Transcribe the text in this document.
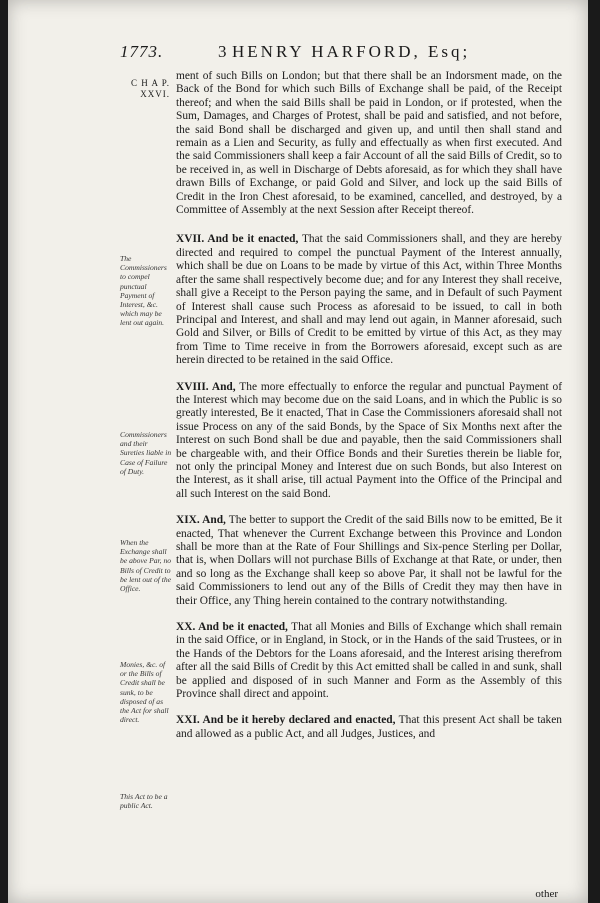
1773.	3 HENRY HARFORD, Esq;
C H A P.
XXVI.
The Commissioners to compel punctual Payment of Interest, &c. which may be lent out again.
Commissioners and their Sureties liable in Case of Failure of Duty.
When the Exchange shall be above Par, no Bills of Credit to be lent out of the Office.
Monies, &c. of or the Bills of Credit shall be sunk, to be disposed of as the Act for shall direct.
This Act to be a public Act.

ment of such Bills on London; but that there shall be an Indorsment made, on the Back of the Bond for which such Bills of Exchange shall be paid, of the Receipt thereof; and when the said Bills shall be paid in London, or if protested, when the Sum, Damages, and Charges of Protest, shall be paid and satisfied, and not before, the said Bond shall be discharged and given up, and until then shall stand and remain as a Lien and Security, as fully and effectually as when first executed. And the said Commissioners shall keep a fair Account of all the said Bills of Credit, so to be received in, as well in Discharge of Debts aforesaid, as for which they shall have drawn Bills of Exchange, or paid Gold and Silver, and lock up the said Bills of Credit in the Iron Chest aforesaid, to be examined, cancelled, and destroyed, by a Committee of Assembly at the next Session after Receipt thereof.

XVII. And be it enacted, That the said Commissioners shall, and they are hereby directed and required to compel the punctual Payment of the Interest annually, which shall be due on Loans to be made by virtue of this Act, within Three Months after the same shall respectively become due; and for any Interest they shall receive, shall give a Receipt to the Person paying the same, and in Default of such Payment of Interest shall cause such Process as aforesaid to be issued, to call in both Principal and Interest, and shall and may lend out again, in Manner aforesaid, such Gold and Silver, or Bills of Credit to be emitted by virtue of this Act, as they may from Time to Time receive in from the Borrowers aforesaid, except such as are herein directed to be retained in the said Office.

XVIII. And, The more effectually to enforce the regular and punctual Payment of the Interest which may become due on the said Loans, and in which the Public is so greatly interested, Be it enacted, That in Case the Commissioners aforesaid shall not issue Process on any of the said Bonds, by the Space of Six Months next after the Interest on such Bond shall be due and payable, then the said Commissioners shall be chargeable with, and their Office Bonds and their Sureties therein be liable for, not only the principal Money and Interest due on such Bonds, but also Interest on the Interest, as it shall arise, till actual Payment into the Office of the Principal and all such Interest on the said Bond.

XIX. And, The better to support the Credit of the said Bills now to be emitted, Be it enacted, That whenever the Current Exchange between this Province and London shall be more than at the Rate of Four Shillings and Six-pence Sterling per Dollar, that is, when Dollars will not purchase Bills of Exchange at that Rate, or under, then and so long as the Exchange shall keep so above Par, it shall not be lawful for the said Commissioners to lend out any of the Bills of Credit they may then have in their Office, any Thing herein contained to the contrary notwithstanding.

XX. And be it enacted, That all Monies and Bills of Exchange which shall remain in the said Office, or in England, in Stock, or in the Hands of the said Trustees, or in the Hands of the Debtors for the Loans aforesaid, and the Interest arising therefrom after all the said Bills of Credit by this Act emitted shall be called in and sunk, shall be applied and disposed of in such Manner and Form as the Assembly of this Province shall direct and appoint.

XXI. And be it hereby declared and enacted, That this present Act shall be taken and allowed as a public Act, and all Judges, Justices, and

other
